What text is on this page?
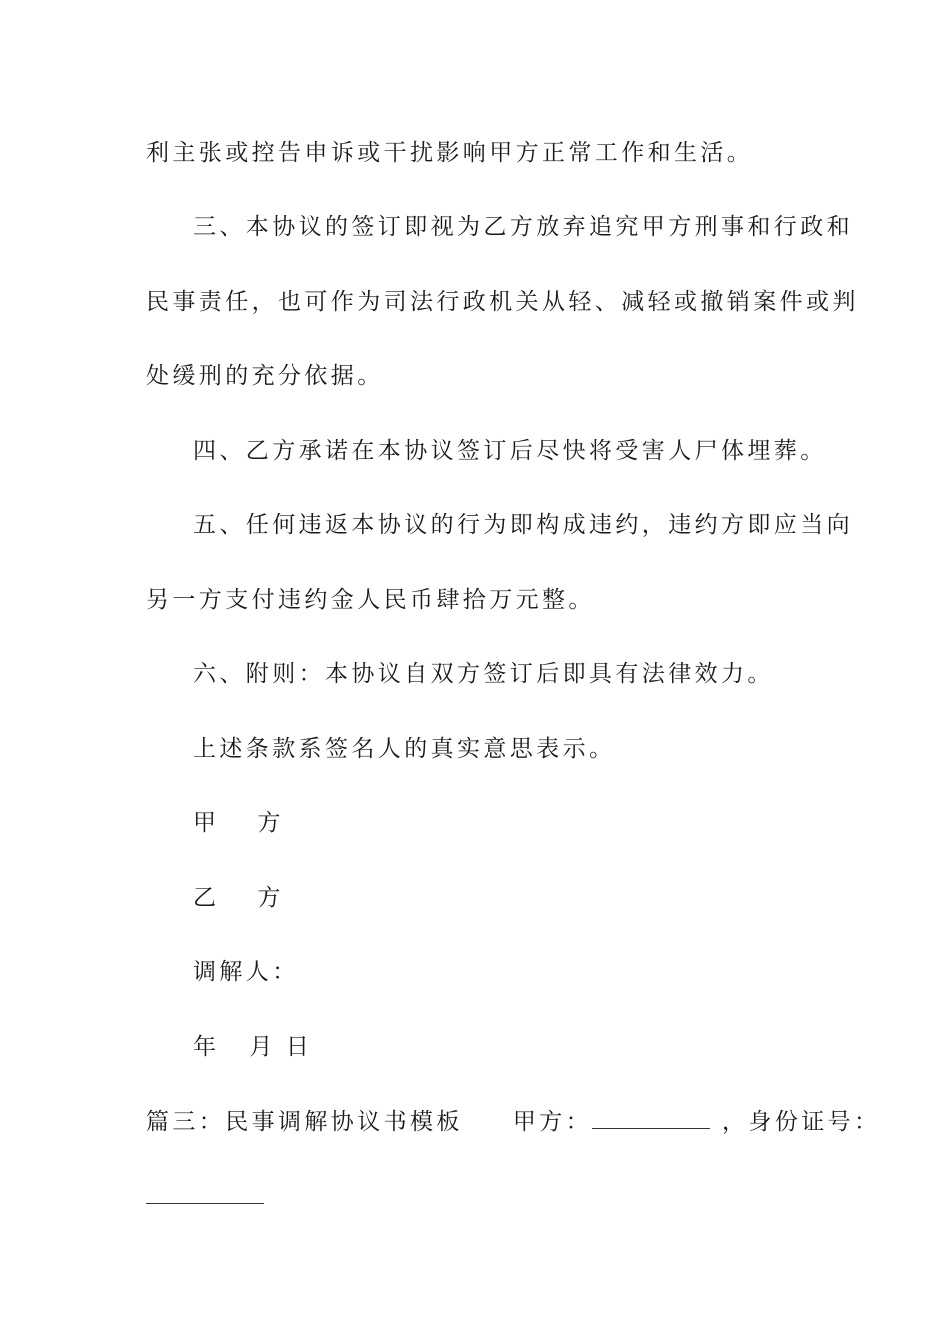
利主张或控告申诉或干扰影响甲方正常工作和生活。
三、本协议的签订即视为乙方放弃追究甲方刑事和行政和
民事责任，也可作为司法行政机关从轻、减轻或撤销案件或判
处缓刑的充分依据。
四、乙方承诺在本协议签订后尽快将受害人尸体埋葬。
五、任何违返本协议的行为即构成违约，违约方即应当向
另一方支付违约金人民币肆拾万元整。
六、附则：本协议自双方签订后即具有法律效力。
上述条款系签名人的真实意思表示。
甲 方
乙 方
调解人：
年 月 日
篇三：民事调解协议书模板 甲方：	，身份证号：
